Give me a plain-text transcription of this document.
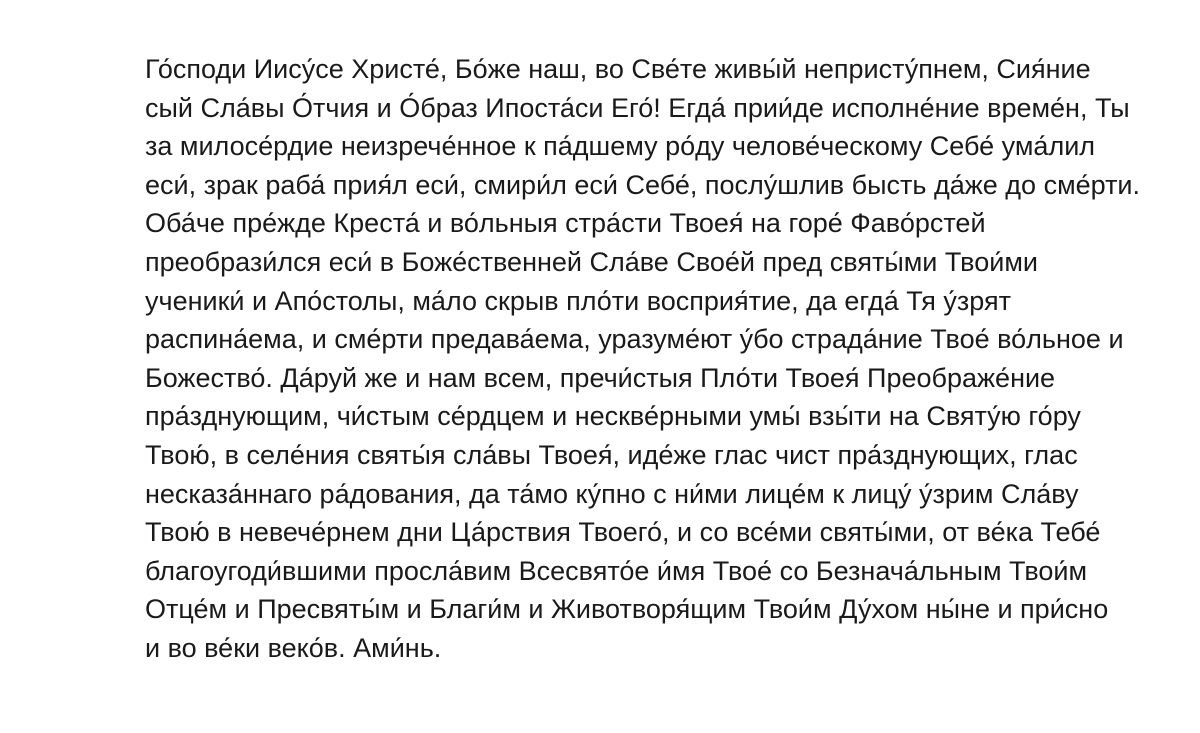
Го́споди Иису́се Христе́, Бо́же наш, во Све́те живы́й непристу́пнем, Сия́ние
сый Сла́вы О́тчия и О́браз Ипоста́си Его́! Егда́ прии́де исполне́ние време́н, Ты
за милосе́рдие неизрече́нное к па́дшему ро́ду челове́ческому Себе́ ума́лил
еси́, зрак раба́ прия́л еси́, смири́л еси́ Себе́, послу́шлив бысть да́же до сме́рти.
Оба́че пре́жде Креста́ и во́льныя стра́сти Твоея́ на горе́ Фаво́рстей
преобрази́лся еси́ в Боже́ственней Сла́ве Свое́й пред святы́ми Твои́ми
ученики́ и Апо́столы, ма́ло скрыв пло́ти восприя́тие, да егда́ Тя у́зрят
распина́ема, и сме́рти предава́ема, уразуме́ют у́бо страда́ние Твое́ во́льное и
Божество́. Да́руй же и нам всем, пречи́стыя Пло́ти Твоея́ Преображе́ние
пра́зднующим, чи́стым се́рдцем и нескве́рными умы́ взы́ти на Святу́ю го́ру
Твою́, в селе́ния святы́я сла́вы Твоея́, иде́же глас чист пра́зднующих, глас
несказа́ннаго ра́дования, да та́мо ку́пно с ни́ми лице́м к лицу́ у́зрим Сла́ву
Твою́ в невече́рнем дни Ца́рствия Твоего́, и со все́ми святы́ми, от ве́ка Тебе́
благоугоди́вшими просла́вим Всесвято́е и́мя Твое́ со Безнача́льным Твои́м
Отце́м и Пресвяты́м и Благи́м и Животворя́щим Твои́м Ду́хом ны́не и при́сно
и во ве́ки веко́в. Ами́нь.
